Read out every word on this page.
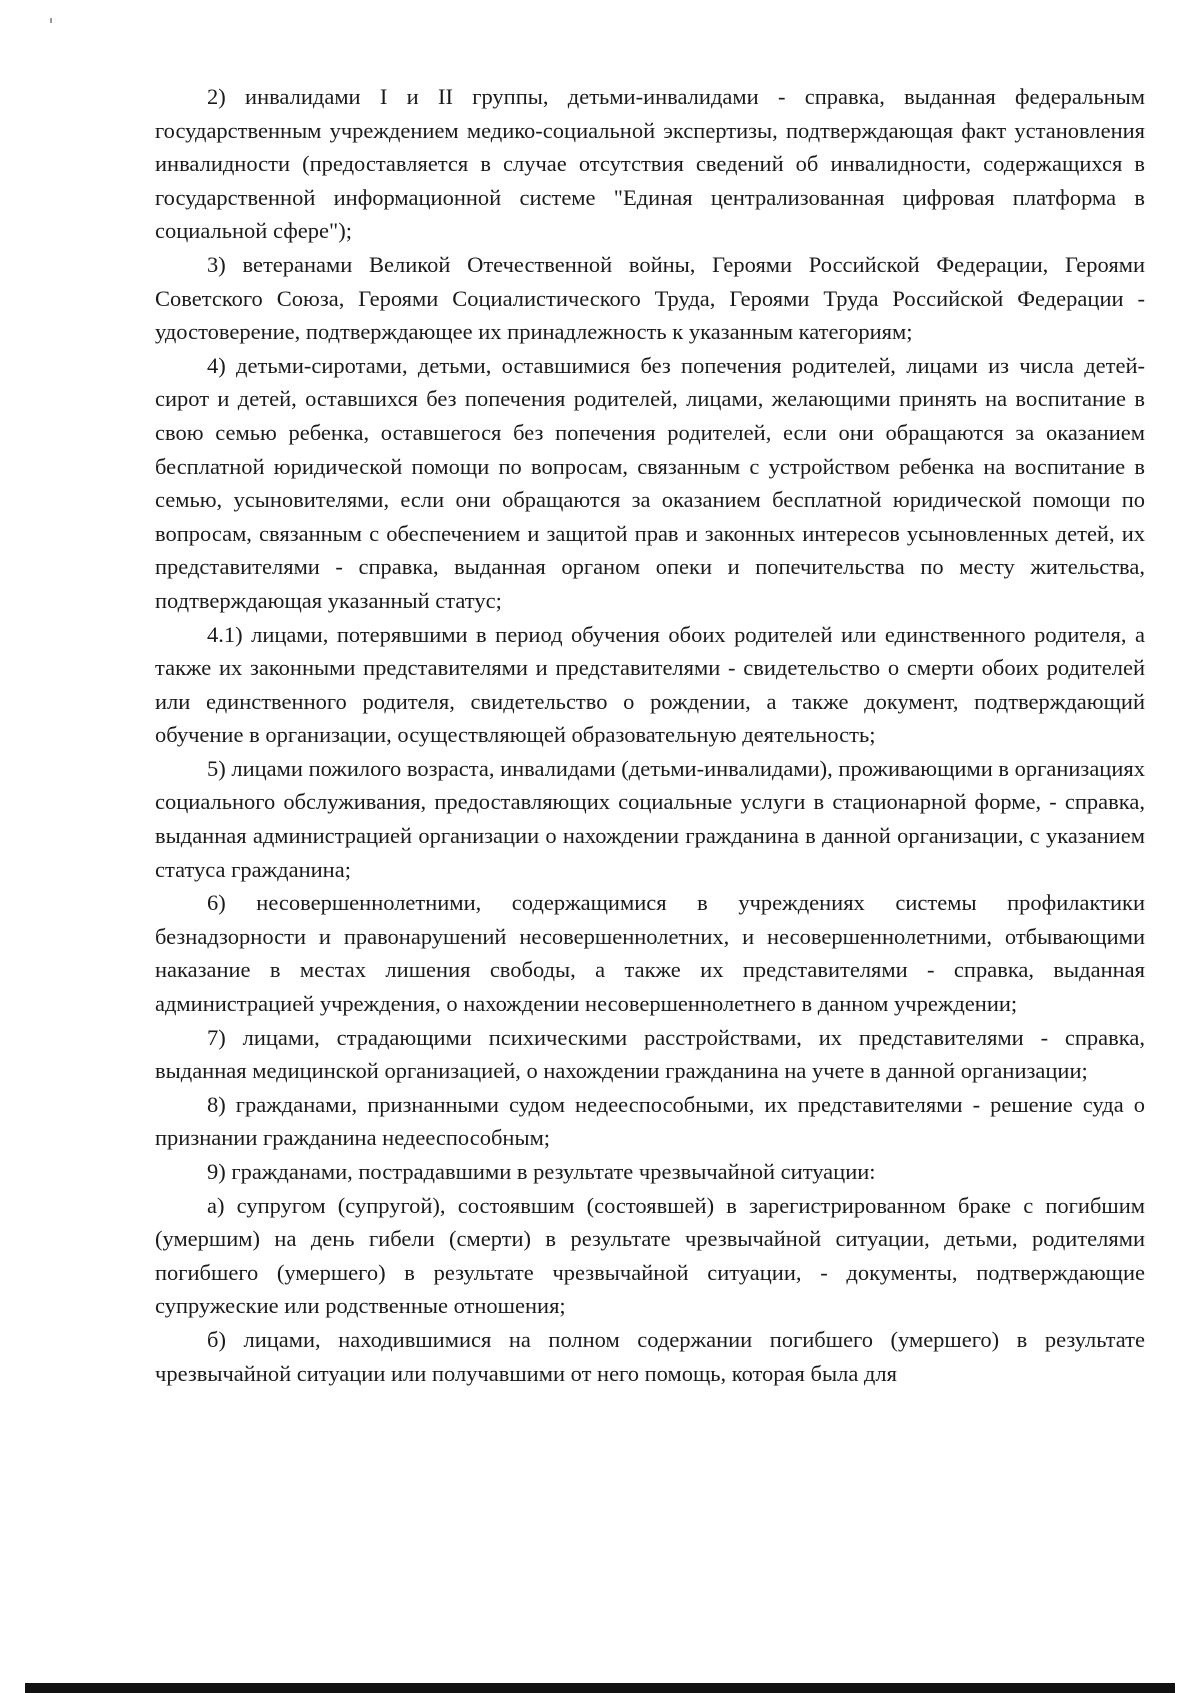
2) инвалидами I и II группы, детьми-инвалидами - справка, выданная федеральным государственным учреждением медико-социальной экспертизы, подтверждающая факт установления инвалидности (предоставляется в случае отсутствия сведений об инвалидности, содержащихся в государственной информационной системе "Единая централизованная цифровая платформа в социальной сфере");

3) ветеранами Великой Отечественной войны, Героями Российской Федерации, Героями Советского Союза, Героями Социалистического Труда, Героями Труда Российской Федерации - удостоверение, подтверждающее их принадлежность к указанным категориям;

4) детьми-сиротами, детьми, оставшимися без попечения родителей, лицами из числа детей-сирот и детей, оставшихся без попечения родителей, лицами, желающими принять на воспитание в свою семью ребенка, оставшегося без попечения родителей, если они обращаются за оказанием бесплатной юридической помощи по вопросам, связанным с устройством ребенка на воспитание в семью, усыновителями, если они обращаются за оказанием бесплатной юридической помощи по вопросам, связанным с обеспечением и защитой прав и законных интересов усыновленных детей, их представителями - справка, выданная органом опеки и попечительства по месту жительства, подтверждающая указанный статус;

4.1) лицами, потерявшими в период обучения обоих родителей или единственного родителя, а также их законными представителями и представителями - свидетельство о смерти обоих родителей или единственного родителя, свидетельство о рождении, а также документ, подтверждающий обучение в организации, осуществляющей образовательную деятельность;

5) лицами пожилого возраста, инвалидами (детьми-инвалидами), проживающими в организациях социального обслуживания, предоставляющих социальные услуги в стационарной форме, - справка, выданная администрацией организации о нахождении гражданина в данной организации, с указанием статуса гражданина;

6) несовершеннолетними, содержащимися в учреждениях системы профилактики безнадзорности и правонарушений несовершеннолетних, и несовершеннолетними, отбывающими наказание в местах лишения свободы, а также их представителями - справка, выданная администрацией учреждения, о нахождении несовершеннолетнего в данном учреждении;

7) лицами, страдающими психическими расстройствами, их представителями - справка, выданная медицинской организацией, о нахождении гражданина на учете в данной организации;

8) гражданами, признанными судом недееспособными, их представителями - решение суда о признании гражданина недееспособным;

9) гражданами, пострадавшими в результате чрезвычайной ситуации:

а) супругом (супругой), состоявшим (состоявшей) в зарегистрированном браке с погибшим (умершим) на день гибели (смерти) в результате чрезвычайной ситуации, детьми, родителями погибшего (умершего) в результате чрезвычайной ситуации, - документы, подтверждающие супружеские или родственные отношения;

б) лицами, находившимися на полном содержании погибшего (умершего) в результате чрезвычайной ситуации или получавшими от него помощь, которая была для
